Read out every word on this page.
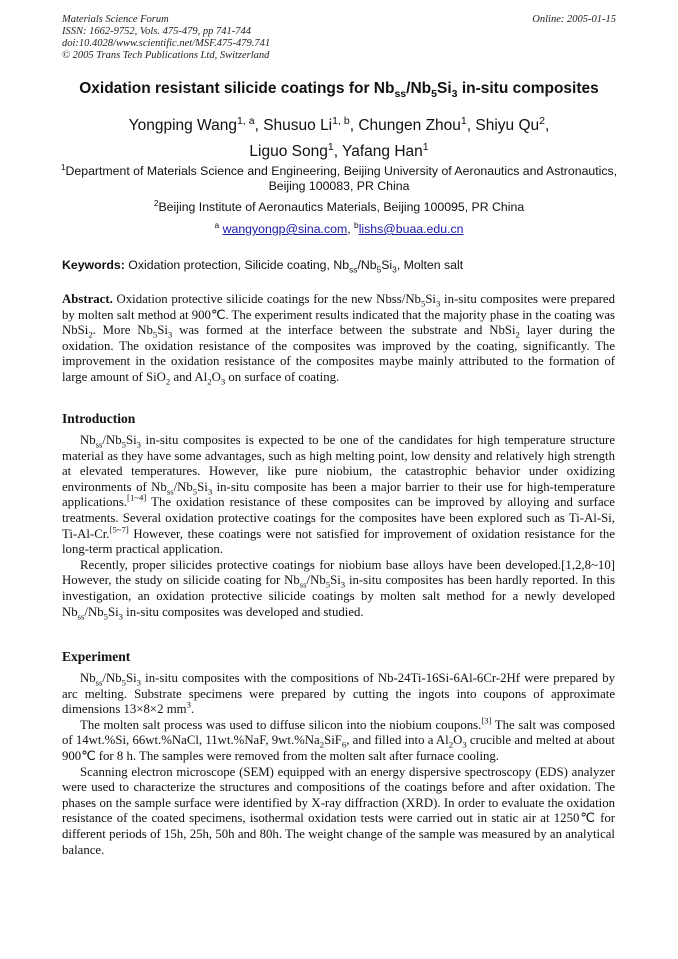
Materials Science Forum
ISSN: 1662-9752, Vols. 475-479, pp 741-744
doi:10.4028/www.scientific.net/MSF.475-479.741
© 2005 Trans Tech Publications Ltd, Switzerland
Online: 2005-01-15
Oxidation resistant silicide coatings for $Nb_{ss}/Nb_5Si_3$ in-situ composites
Yongping Wang$^{1, a}$, Shusuo Li$^{1, b}$, Chungen Zhou$^1$, Shiyu Qu$^2$,
Liguo Song$^1$, Yafang Han$^1$
$^1$Department of Materials Science and Engineering, Beijing University of Aeronautics and Astronautics, Beijing 100083, PR China
$^2$Beijing Institute of Aeronautics Materials, Beijing 100095, PR China
$^a$ wangyongp@sina.com, $^b$lishs@buaa.edu.cn
Keywords: Oxidation protection, Silicide coating, $Nb_{ss}/Nb_5Si_3$, Molten salt

Abstract. Oxidation protective silicide coatings for the new Nbss/$Nb_5Si_3$ in-situ composites were prepared by molten salt method at 900℃. The experiment results indicated that the majority phase in the coating was NbSi$_2$. More $Nb_5Si_3$ was formed at the interface between the substrate and NbSi$_2$ layer during the oxidation. The oxidation resistance of the composites was improved by the coating, significantly. The improvement in the oxidation resistance of the composites maybe mainly attributed to the formation of large amount of SiO$_2$ and $Al_2O_3$ on surface of coating.

Introduction

$Nb_{ss}/Nb_5Si_3$ in-situ composites is expected to be one of the candidates for high temperature structure material as they have some advantages, such as high melting point, low density and relatively high strength at elevated temperatures. However, like pure niobium, the catastrophic behavior under oxidizing environments of $Nb_{ss}/Nb_5Si_3$ in-situ composite has been a major barrier to their use for high-temperature applications.[1~4] The oxidation resistance of these composites can be improved by alloying and surface treatments. Several oxidation protective coatings for the composites have been explored such as Ti-Al-Si, Ti-Al-Cr.[5~7] However, these coatings were not satisfied for improvement of oxidation resistance for the long-term practical application.

Recently, proper silicides protective coatings for niobium base alloys have been developed.[1,2,8~10] However, the study on silicide coating for $Nb_{ss}/Nb_5Si_3$ in-situ composites has been hardly reported. In this investigation, an oxidation protective silicide coatings by molten salt method for a newly developed $Nb_{ss}/Nb_5Si_3$ in-situ composites was developed and studied.

Experiment

$Nb_{ss}/Nb_5Si_3$ in-situ composites with the compositions of Nb-24Ti-16Si-6Al-6Cr-2Hf were prepared by arc melting. Substrate specimens were prepared by cutting the ingots into coupons of approximate dimensions 13×8×2 $mm^3$.

The molten salt process was used to diffuse silicon into the niobium coupons.[3] The salt was composed of 14wt.%Si, 66wt.%NaCl, 11wt.%NaF, $9wt.\%Na_2SiF_6$, and filled into a $Al_2O_3$ crucible and melted at about 900℃ for 8 h. The samples were removed from the molten salt after furnace cooling.

Scanning electron microscope (SEM) equipped with an energy dispersive spectroscopy (EDS) analyzer were used to characterize the structures and compositions of the coatings before and after oxidation. The phases on the sample surface were identified by X-ray diffraction (XRD). In order to evaluate the oxidation resistance of the coated specimens, isothermal oxidation tests were carried out in static air at 1250℃ for different periods of 15h, 25h, 50h and 80h. The weight change of the sample was measured by an analytical balance.
